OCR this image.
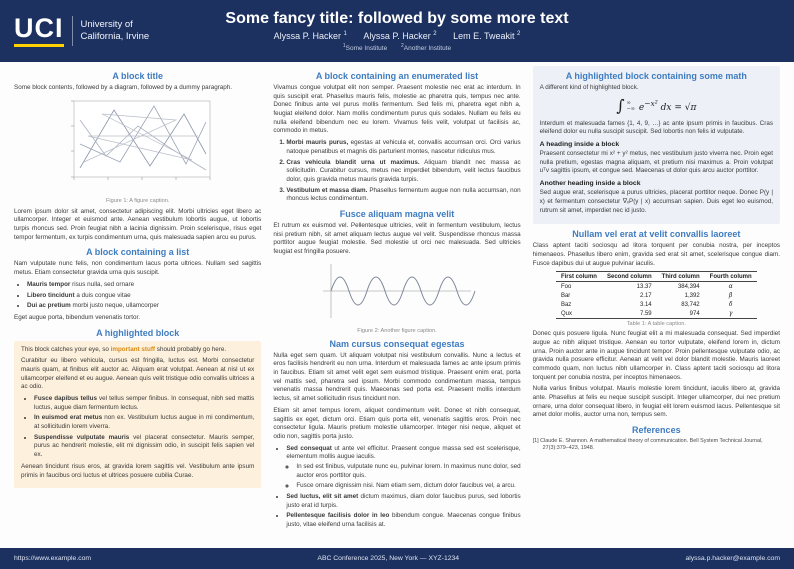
UCI University of
California, Irvine
Some fancy title: followed by some more text
Alyssa P. Hacker $^1$ Alyssa P. Hacker $^2$ Lem E. Tweakit $^2$
$^1$Some Institute	$^2$Another Institute
A block title
Some block contents, followed by a diagram, followed by a dummy paragraph.
Figure 1: A figure caption.
Lorem ipsum dolor sit amet, consectetur adipiscing elit. Morbi ultricies eget libero ac ullamcorper. Integer et euismod ante. Aenean vestibulum lobortis augue, ut lobortis turpis rhoncus sed. Proin feugiat nibh a lacinia dignissim. Proin scelerisque, risus eget tempor fermentum, ex turpis condimentum urna, quis malesuada sapien arcu eu purus.
A block containing a list
Nam vulputate nunc felis, non condimentum lacus porta ultrices. Nullam sed sagittis metus. Etiam consectetur gravida urna quis suscipit.
• Mauris tempor risus nulla, sed ornare
• Libero tincidunt a duis congue vitae
• Dui ac pretium morbi justo neque, ullamcorper
Eget augue porta, bibendum venenatis tortor.
A highlighted block
This block catches your eye, so important stuff should probably go here.
Curabitur eu libero vehicula, cursus est fringilla, luctus est. Morbi consectetur mauris quam, at finibus elit auctor ac. Aliquam erat volutpat. Aenean at nisl ut ex ullamcorper eleifend et eu augue. Aenean quis velit tristique odio convallis ultrices a ac odio.
• Fusce dapibus tellus vel tellus semper finibus. In consequat, nibh sed mattis luctus, augue diam fermentum lectus.
• In euismod erat metus non ex. Vestibulum luctus augue in mi condimentum, at sollicitudin lorem viverra.
• Suspendisse vulputate mauris vel placerat consectetur. Mauris semper, purus ac hendrerit molestie, elit mi dignissim odio, in suscipit felis sapien vel ex.
Aenean tincidunt risus eros, at gravida lorem sagittis vel. Vestibulum ante ipsum primis in faucibus orci luctus et ultrices posuere cubilia Curae.
A block containing an enumerated list
Vivamus congue volutpat elit non semper. Praesent molestie nec erat ac interdum. In quis suscipit erat. Phasellus mauris felis, molestie ac pharetra quis, tempus nec ante. Donec finibus ante vel purus mollis fermentum. Sed felis mi, pharetra eget nibh a, feugiat eleifend dolor. Nam mollis condimentum purus quis sodales. Nullam eu felis eu nulla eleifend bibendum nec eu lorem. Vivamus felis velit, volutpat ut facilisis ac, commodo in metus.
1. Morbi mauris purus, egestas at vehicula et, convallis accumsan orci. Orci varius natoque penatibus et magnis dis parturient montes, nascetur ridiculus mus.
2. Cras vehicula blandit urna ut maximus. Aliquam blandit nec massa ac sollicitudin. Curabitur cursus, metus nec imperdiet bibendum, velit lectus faucibus dolor, quis gravida metus mauris gravida turpis.
3. Vestibulum et massa diam. Phasellus fermentum augue non nulla accumsan, non rhoncus lectus condimentum.
Fusce aliquam magna velit
Et rutrum ex euismod vel. Pellentesque ultricies, velit in fermentum vestibulum, lectus nisi pretium nibh, sit amet aliquam lectus augue vel velit. Suspendisse rhoncus massa porttitor augue feugiat molestie. Sed molestie ut orci nec malesuada. Sed ultricies feugiat est fringilla posuere.
Figure 2: Another figure caption.
Nam cursus consequat egestas
Nulla eget sem quam. Ut aliquam volutpat nisi vestibulum convallis. Nunc a lectus et eros facilisis hendrerit eu non urna. Interdum et malesuada fames ac ante ipsum primis in faucibus. Etiam sit amet velit eget sem euismod tristique. Praesent enim erat, porta vel mattis sed, pharetra sed ipsum. Morbi commodo condimentum massa, tempus venenatis massa hendrerit quis. Maecenas sed porta est. Praesent mollis interdum lectus, sit amet sollicitudin risus tincidunt non.
Etiam sit amet tempus lorem, aliquet condimentum velit. Donec et nibh consequat, sagittis ex eget, dictum orci. Etiam quis porta elit, venenatis sagittis eros. Proin nec consectetur ligula. Mauris pretium molestie ullamcorper. Integer nisi neque, aliquet et odio non, sagittis porta justo.
• Sed consequat ut ante vel efficitur. Praesent congue massa sed est scelerisque, elementum mollis augue iaculis.
◦ In sed est finibus, vulputate nunc eu, pulvinar lorem. In maximus nunc dolor, sed auctor eros porttitor quis.
◦ Fusce ornare dignissim nisi. Nam etiam sem, dictum dolor faucibus vel, a arcu.
• Sed luctus, elit sit amet dictum maximus, diam dolor faucibus purus, sed lobortis justo erat id turpis.
• Pellentesque facilisis dolor in leo bibendum congue. Maecenas congue finibus justo, vitae eleifend urna facilisis at.
A highlighted block containing some math
A different kind of highlighted block.
∫ ∞
−∞ $e^{-x^2}$ dx = √π
Interdum et malesuada fames {1, 4, 9, …} ac ante ipsum primis in faucibus. Cras eleifend dolor eu nulla suscipit suscipit. Sed lobortis non felis id vulputate.
A heading inside a block
Praesent consectetur mi x² + y² metus, nec vestibulum justo viverra nec. Proin eget nulla pretium, egestas magna aliquam, et pretium nisi maximus a. Proin volutpat uᵀv sagittis ipsum, et congue sed. Maecenas ut dolor quis arcu auctor porttitor.
Another heading inside a block
Sed augue erat, scelerisque a purus ultricies, placerat porttitor neque. Donec P(y | x) et fermentum consectetur ∇ₓP(y | x) accumsan sapien. Duis eget leo euismod, rutrum sit amet, imperdiet nec id justo.
Nullam vel erat at velit convallis laoreet
Class aptent taciti sociosqu ad litora torquent per conubia nostra, per inceptos himenaeos. Phasellus libero enim, gravida sed erat sit amet, scelerisque congue diam. Fusce dapibus dui ut augue pulvinar iaculis.
First column	Second column	Third column	Fourth column
Foo	13.37	384,394	α
Bar	2.17	1,392	β
Baz	3.14	83,742	δ
Qux	7.59	974	γ
Table 1: A table caption.
Donec quis posuere ligula. Nunc feugiat elit a mi malesuada consequat. Sed imperdiet augue ac nibh aliquet tristique. Aenean eu tortor vulputate, eleifend lorem in, dictum urna. Proin auctor ante in augue tincidunt tempor. Proin pellentesque vulputate odio, ac gravida nulla posuere efficitur. Aenean at velit vel dolor blandit molestie. Mauris laoreet commodo quam, non luctus nibh ullamcorper in. Class aptent taciti sociosqu ad litora torquent per conubia nostra, per inceptos himenaeos.
Nulla varius finibus volutpat. Mauris molestie lorem tincidunt, iaculis libero at, gravida ante. Phasellus at felis eu neque suscipit suscipit. Integer ullamcorper, dui nec pretium ornare, urna dolor consequat libero, in feugiat elit lorem euismod lacus. Pellentesque sit amet dolor mollis, auctor urna non, tempus sem.
References
[1] Claude E. Shannon. A mathematical theory of communication. Bell System Technical Journal, 27(3):379–423, 1948.
https://www.example.com	ABC Conference 2025, New York — XYZ-1234	alyssa.p.hacker@example.com
